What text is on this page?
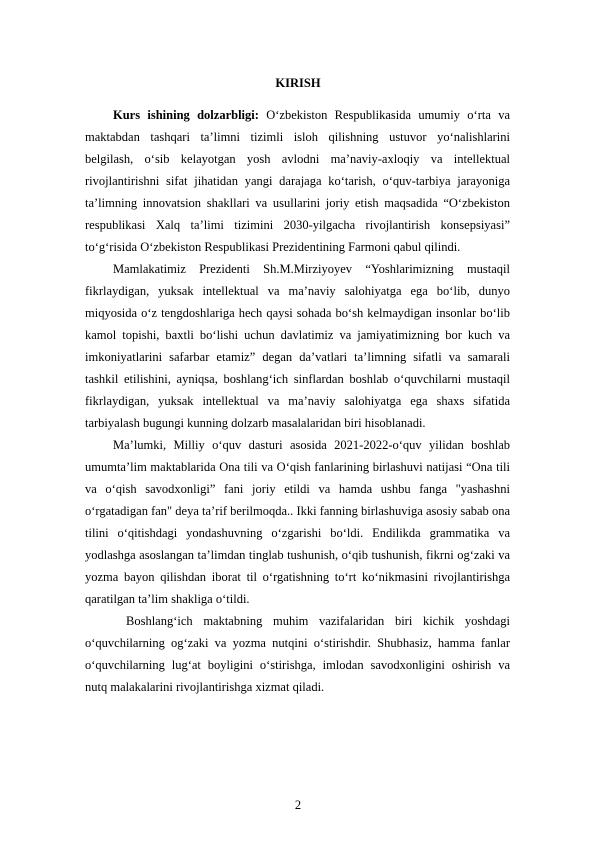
KIRISH
Kurs ishining dolzarbligi: O‘zbekiston Respublikasida umumiy o‘rta va
maktabdan tashqari ta’limni tizimli isloh qilishning ustuvor yo‘nalishlarini
belgilash, o‘sib kelayotgan yosh avlodni ma’naviy-axloqiy va intellektual
rivojlantirishni sifat jihatidan yangi darajaga ko‘tarish, o‘quv-tarbiya jarayoniga
ta’limning innovatsion shakllari va usullarini joriy etish maqsadida “O‘zbekiston
respublikasi Xalq ta’limi tizimini 2030-yilgacha rivojlantirish konsepsiyasi”
to‘g‘risida O‘zbekiston Respublikasi Prezidentining Farmoni qabul qilindi.
Mamlakatimiz Prezidenti Sh.M.Mirziyoyev “Yoshlarimizning mustaqil
fikrlaydigan, yuksak intellektual va ma’naviy salohiyatga ega bo‘lib, dunyo
miqyosida o‘z tengdoshlariga hech qaysi sohada bo‘sh kelmaydigan insonlar bo‘lib
kamol topishi, baxtli bo‘lishi uchun davlatimiz va jamiyatimizning bor kuch va
imkoniyatlarini safarbar etamiz” degan da’vatlari ta’limning sifatli va samarali
tashkil etilishini, ayniqsa, boshlang‘ich sinflardan boshlab o‘quvchilarni mustaqil
fikrlaydigan, yuksak intellektual va ma’naviy salohiyatga ega shaxs sifatida
tarbiyalash bugungi kunning dolzarb masalalaridan biri hisoblanadi.
Ma’lumki, Milliy o‘quv dasturi asosida 2021-2022-o‘quv yilidan boshlab
umumta’lim maktablarida Ona tili va O‘qish fanlarining birlashuvi natijasi “Ona tili
va o‘qish savodxonligi” fani joriy etildi va hamda ushbu fanga "yashashni
o‘rgatadigan fan" deya ta’rif berilmoqda.. Ikki fanning birlashuviga asosiy sabab ona
tilini o‘qitishdagi yondashuvning o‘zgarishi bo‘ldi. Endilikda grammatika va
yodlashga asoslangan ta’limdan tinglab tushunish, o‘qib tushunish, fikrni og‘zaki va
yozma bayon qilishdan iborat til o‘rgatishning to‘rt ko‘nikmasini rivojlantirishga
qaratilgan ta’lim shakliga o‘tildi.
Boshlang‘ich maktabning muhim vazifalaridan biri kichik yoshdagi
o‘quvchilarning og‘zaki va yozma nutqini o‘stirishdir. Shubhasiz, hamma fanlar
o‘quvchilarning lug‘at boyligini o‘stirishga, imlodan savodxonligini oshirish va
nutq malakalarini rivojlantirishga xizmat qiladi.
2
